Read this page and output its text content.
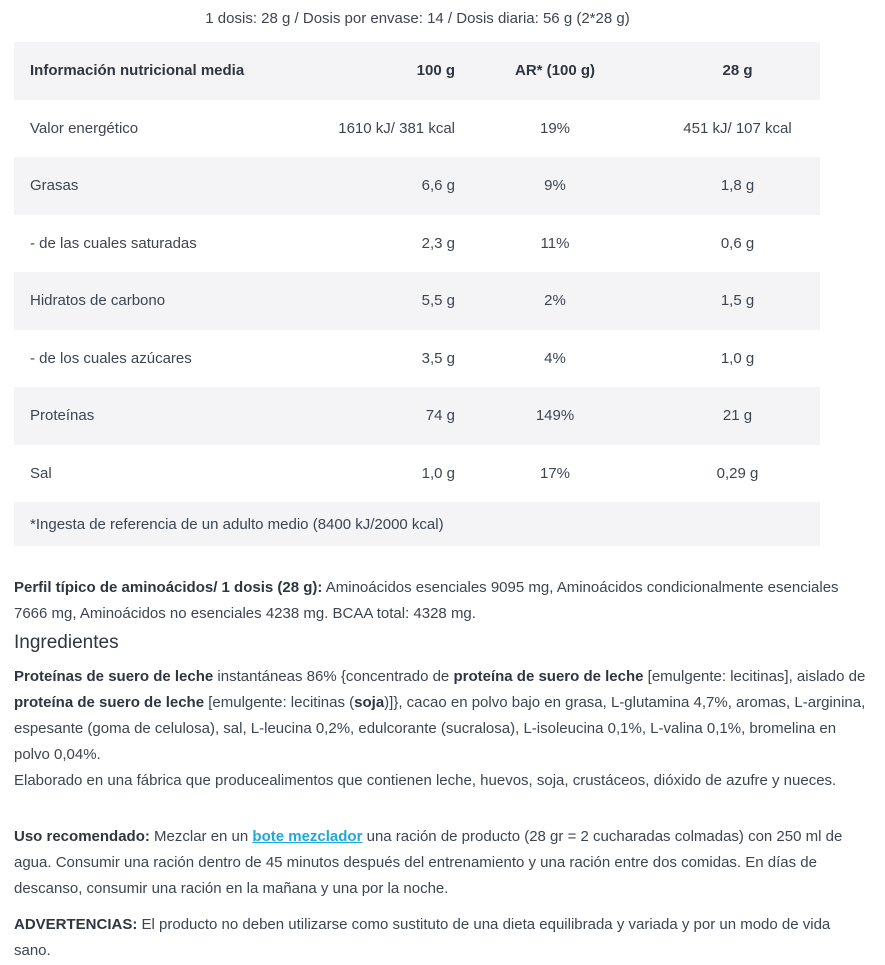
1 dosis: 28 g / Dosis por envase: 14 / Dosis diaria: 56 g (2*28 g)
Información nutricional media	100 g	AR* (100 g)	28 g
Valor energético	1610 kJ/ 381 kcal	19%	451 kJ/ 107 kcal
Grasas	6,6 g	9%	1,8 g
- de las cuales saturadas	2,3 g	11%	0,6 g
Hidratos de carbono	5,5 g	2%	1,5 g
- de los cuales azúcares	3,5 g	4%	1,0 g
Proteínas	74 g	149%	21 g
Sal	1,0 g	17%	0,29 g
*Ingesta de referencia de un adulto medio (8400 kJ/2000 kcal)			
Perfil típico de aminoácidos/ 1 dosis (28 g): Aminoácidos esenciales 9095 mg, Aminoácidos condicionalmente esenciales 7666 mg, Aminoácidos no esenciales 4238 mg. BCAA total: 4328 mg.
Ingredientes
Proteínas de suero de leche instantáneas 86% {concentrado de proteína de suero de leche [emulgente: lecitinas], aislado de proteína de suero de leche [emulgente: lecitinas (soja)]}, cacao en polvo bajo en grasa, L-glutamina 4,7%, aromas, L-arginina, espesante (goma de celulosa), sal, L-leucina 0,2%, edulcorante (sucralosa), L-isoleucina 0,1%, L-valina 0,1%, bromelina en polvo 0,04%.
Elaborado en una fábrica que producealimentos que contienen leche, huevos, soja, crustáceos, dióxido de azufre y nueces.
Uso recomendado: Mezclar en un bote mezclador una ración de producto (28 gr = 2 cucharadas colmadas) con 250 ml de agua. Consumir una ración dentro de 45 minutos después del entrenamiento y una ración entre dos comidas. En días de descanso, consumir una ración en la mañana y una por la noche.
ADVERTENCIAS: El producto no deben utilizarse como sustituto de una dieta equilibrada y variada y por un modo de vida sano.
